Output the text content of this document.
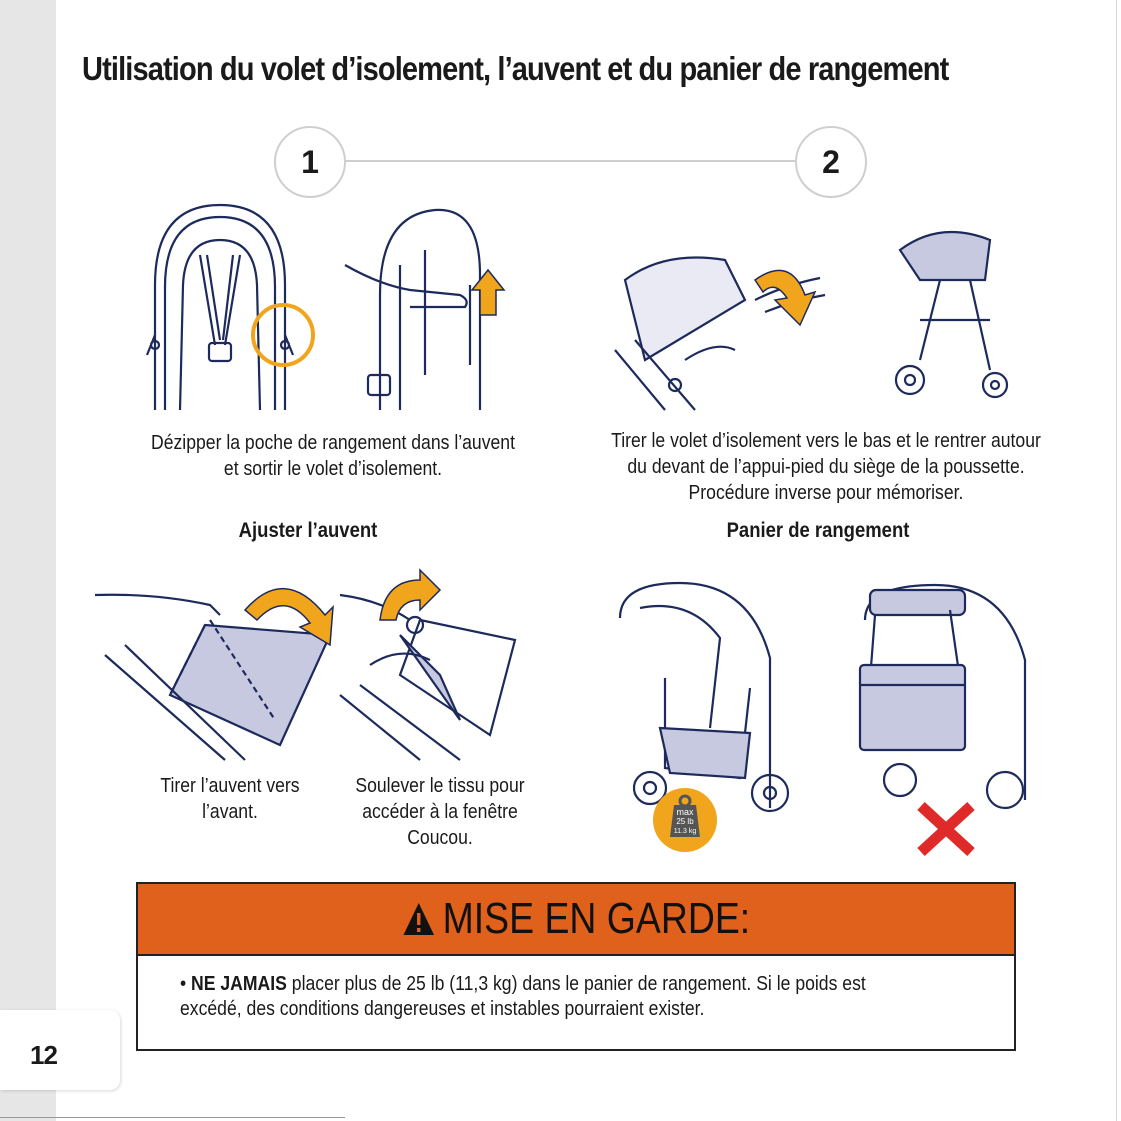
12
Utilisation du volet d’isolement, l’auvent et du panier de rangement
1	2
Dézipper la poche de rangement dans l’auvent et sortir le volet d’isolement.
Tirer le volet d’isolement vers le bas et le rentrer autour du devant de l’appui-pied du siège de la poussette. Procédure inverse pour mémoriser.
Ajuster l’auvent	Panier de rangement
Tirer l’auvent vers l’avant.
Soulever le tissu pour accéder à la fenêtre Coucou.
max
25 lb
11.3 kg
MISE EN GARDE:
• NE JAMAIS placer plus de 25 lb (11,3 kg) dans le panier de rangement. Si le poids est excédé, des conditions dangereuses et instables pourraient exister.
